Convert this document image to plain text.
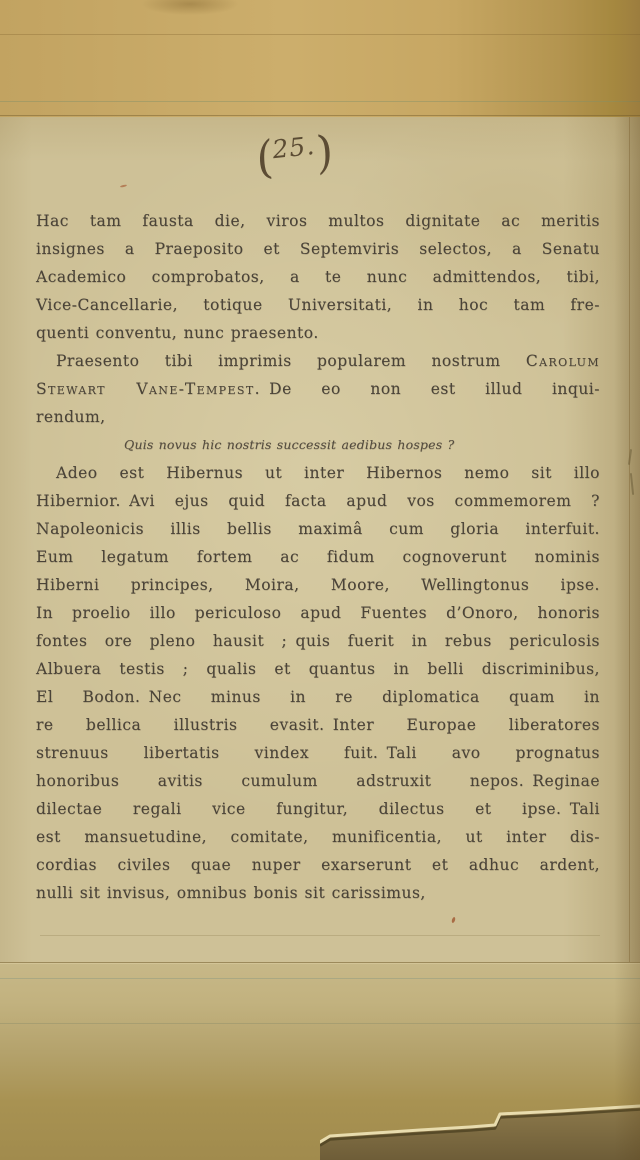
(25.)
Hac tam fausta die, viros multos dignitate ac meritis
insignes a Praeposito et Septemviris selectos, a Senatu
Academico comprobatos, a te nunc admittendos, tibi,
Vice-Cancellarie, totique Universitati, in hoc tam fre-
quenti conventu, nunc praesento.
Praesento tibi imprimis popularem nostrum Carolum
Stewart Vane-Tempest. De eo non est illud inqui-
rendum,
Quis novus hic nostris successit aedibus hospes ?
Adeo est Hibernus ut inter Hibernos nemo sit illo
Hibernior. Avi ejus quid facta apud vos commemorem ?
Napoleonicis illis bellis maximâ cum gloria interfuit.
Eum legatum fortem ac fidum cognoverunt nominis
Hiberni principes, Moira, Moore, Wellingtonus ipse.
In proelio illo periculoso apud Fuentes d’Onoro, honoris
fontes ore pleno hausit ; quis fuerit in rebus periculosis
Albuera testis ; qualis et quantus in belli discriminibus,
El Bodon. Nec minus in re diplomatica quam in
re bellica illustris evasit. Inter Europae liberatores
strenuus libertatis vindex fuit. Tali avo prognatus
honoribus avitis cumulum adstruxit nepos. Reginae
dilectae regali vice fungitur, dilectus et ipse. Tali
est mansuetudine, comitate, munificentia, ut inter dis-
cordias civiles quae nuper exarserunt et adhuc ardent,
nulli sit invisus, omnibus bonis sit carissimus,
